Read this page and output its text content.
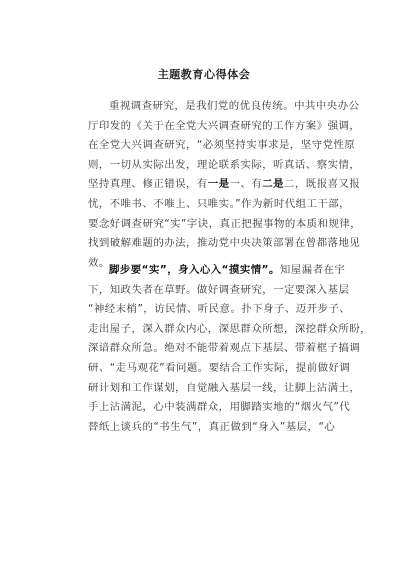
主题教育心得体会
重视调查研究，是我们党的优良传统。中共中央办公
厅印发的《关于在全党大兴调查研究的工作方案》强调，
在全党大兴调查研究，“必须坚持实事求是，坚守党性原
则，一切从实际出发，理论联系实际，听真话、察实情，
坚持真理、修正错误，有一是一、有二是二，既报喜又报
忧，不唯书、不唯上、只唯实。”作为新时代组工干部，
要念好调查研究“实”字诀，真正把握事物的本质和规律，
找到破解难题的办法，推动党中央决策部署在曾都落地见
效。
脚步要“实”，身入心入“摸实情”。知屋漏者在宇
下，知政失者在草野。做好调查研究，一定要深入基层
“神经末梢”，访民情、听民意。扑下身子、迈开步子、
走出屋子，深入群众内心，深思群众所想，深挖群众所盼，
深谙群众所急。绝对不能带着观点下基层、带着框子搞调
研、“走马观花”看问题。要结合工作实际，提前做好调
研计划和工作谋划，自觉融入基层一线，让脚上沾满土，
手上沾满泥，心中装满群众，用脚踏实地的“烟火气”代
替纸上谈兵的“书生气”，真正做到“身入”基层，“心
